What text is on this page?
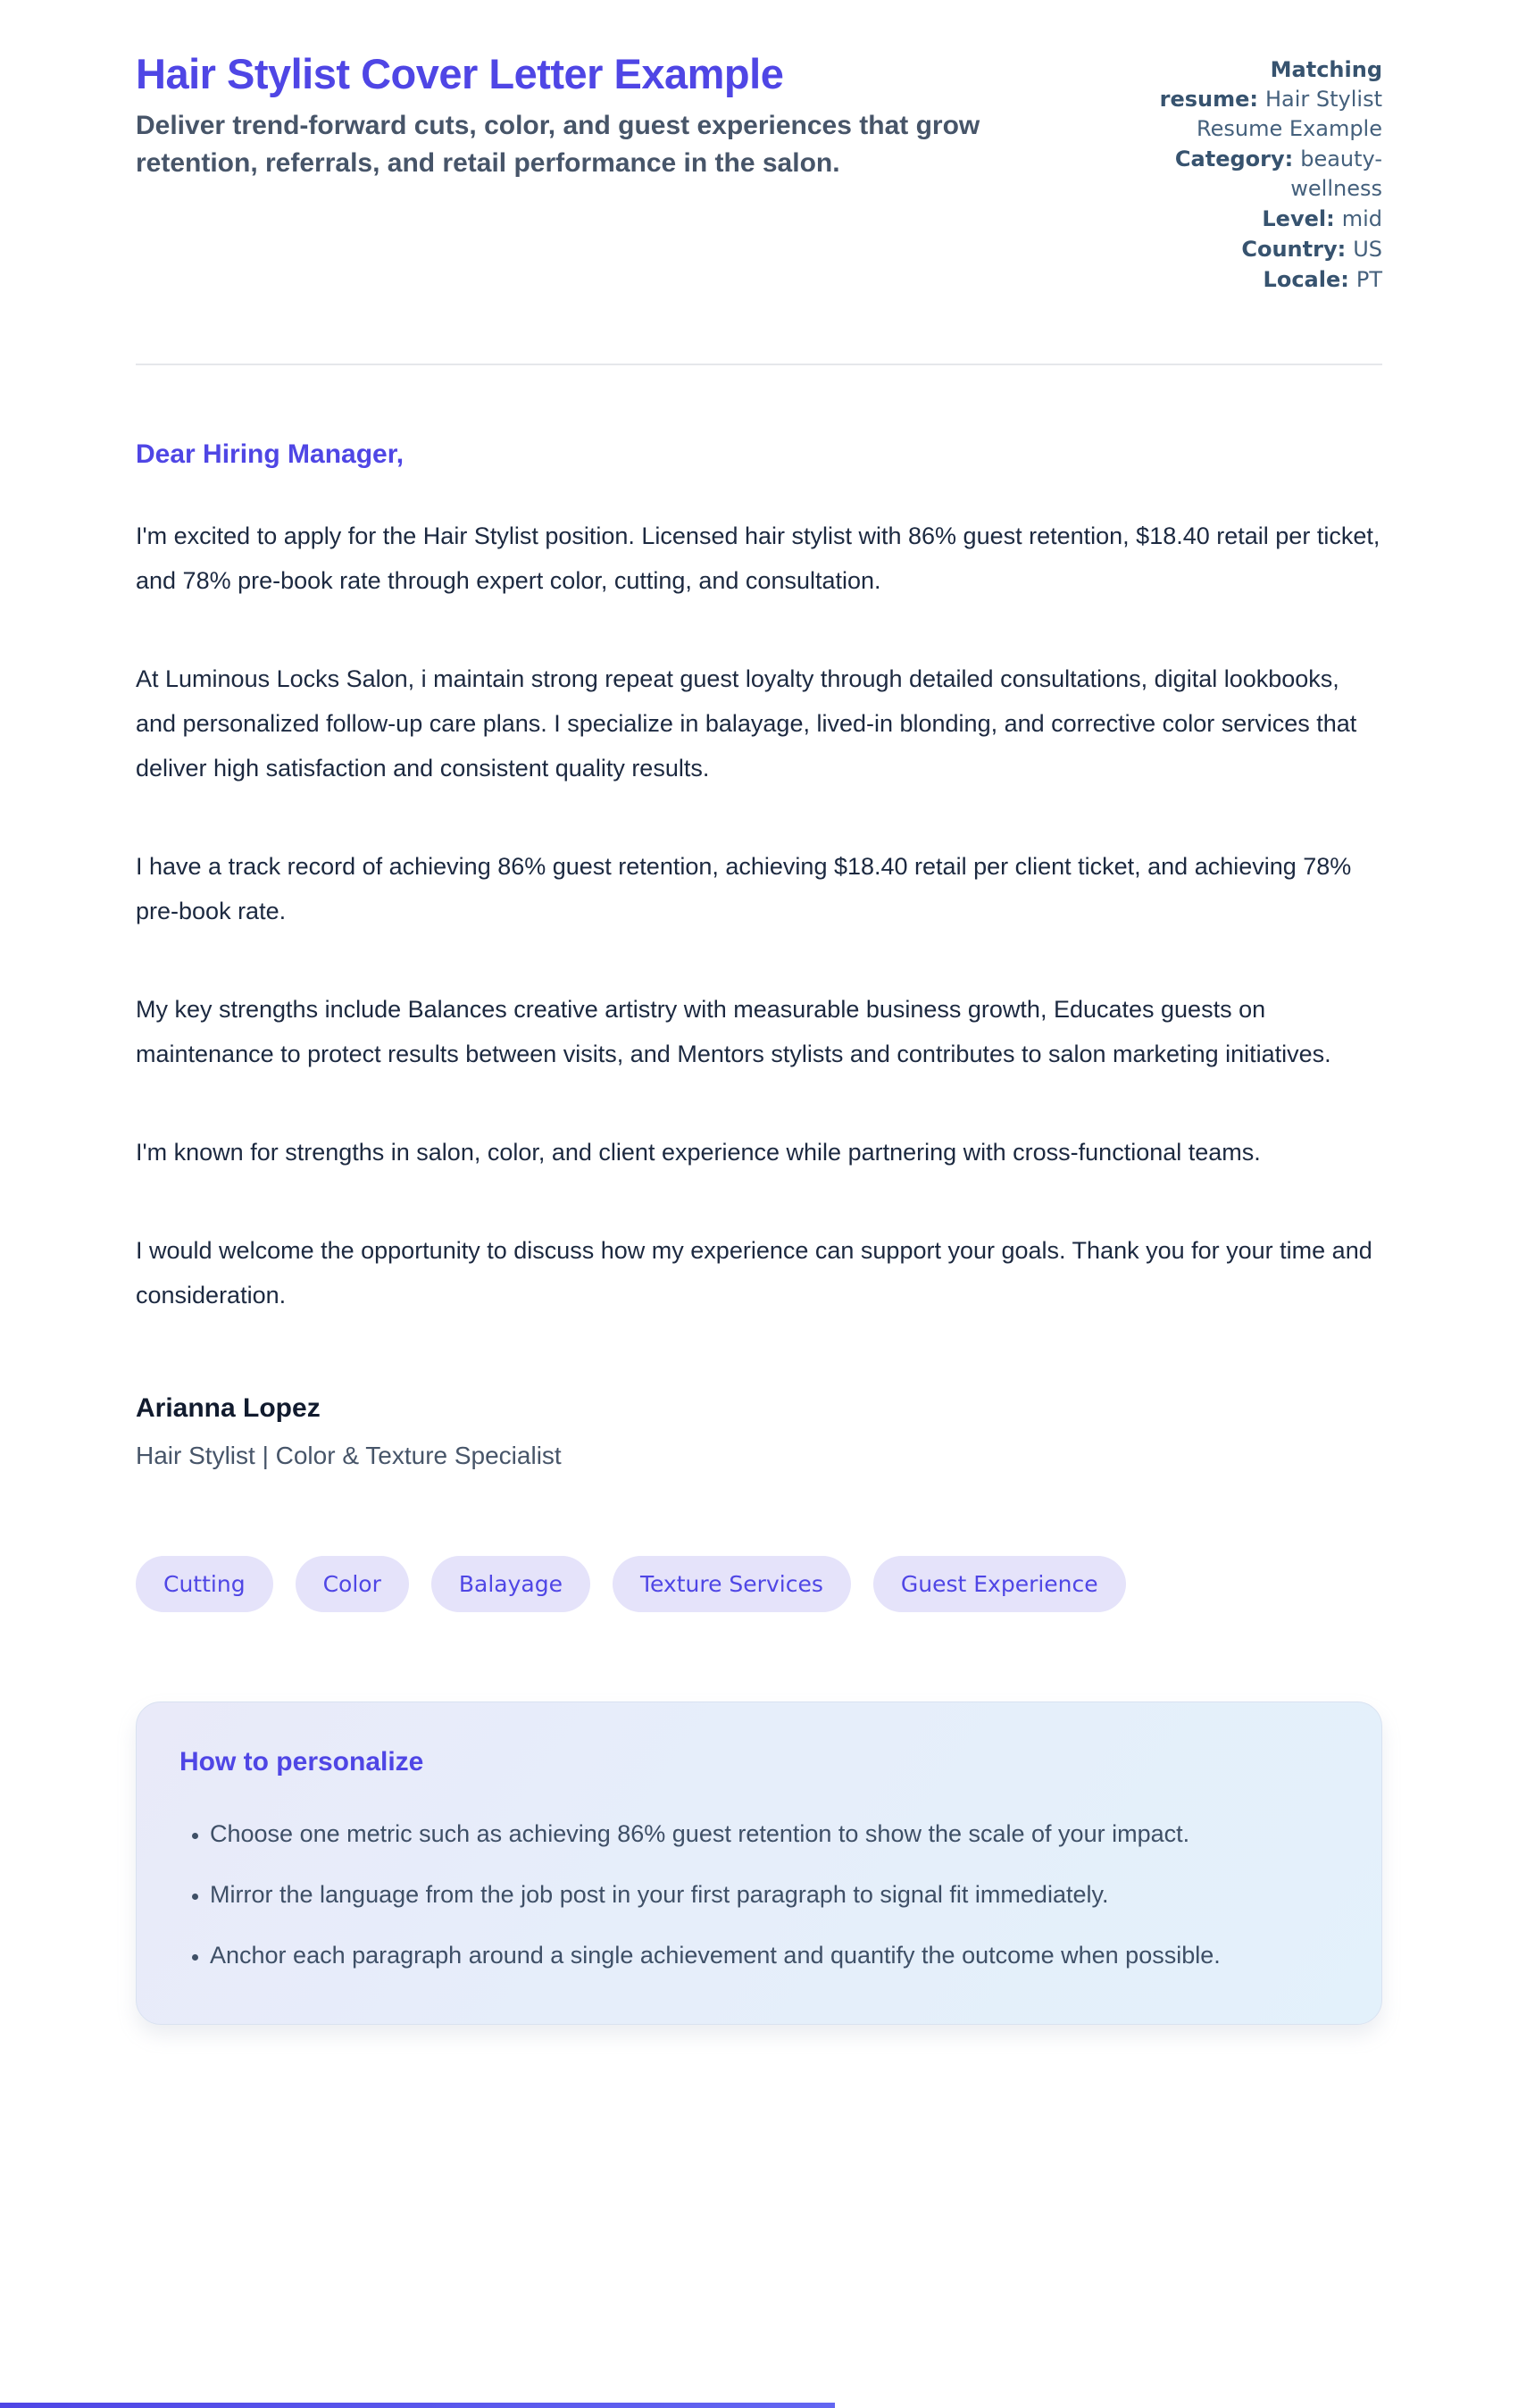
Hair Stylist Cover Letter Example
Deliver trend-forward cuts, color, and guest experiences that grow retention, referrals, and retail performance in the salon.
Matching resume: Hair Stylist Resume Example
Category: beauty-wellness
Level: mid
Country: US
Locale: PT
Dear Hiring Manager,

I'm excited to apply for the Hair Stylist position. Licensed hair stylist with 86% guest retention, $18.40 retail per ticket, and 78% pre-book rate through expert color, cutting, and consultation.

At Luminous Locks Salon, i maintain strong repeat guest loyalty through detailed consultations, digital lookbooks, and personalized follow-up care plans. I specialize in balayage, lived-in blonding, and corrective color services that deliver high satisfaction and consistent quality results.

I have a track record of achieving 86% guest retention, achieving $18.40 retail per client ticket, and achieving 78% pre-book rate.

My key strengths include Balances creative artistry with measurable business growth, Educates guests on maintenance to protect results between visits, and Mentors stylists and contributes to salon marketing initiatives.

I'm known for strengths in salon, color, and client experience while partnering with cross-functional teams.

I would welcome the opportunity to discuss how my experience can support your goals. Thank you for your time and consideration.

Arianna Lopez
Hair Stylist | Color & Texture Specialist
Cutting	Color	Balayage	Texture Services	Guest Experience
How to personalize
• Choose one metric such as achieving 86% guest retention to show the scale of your impact.
• Mirror the language from the job post in your first paragraph to signal fit immediately.
• Anchor each paragraph around a single achievement and quantify the outcome when possible.
